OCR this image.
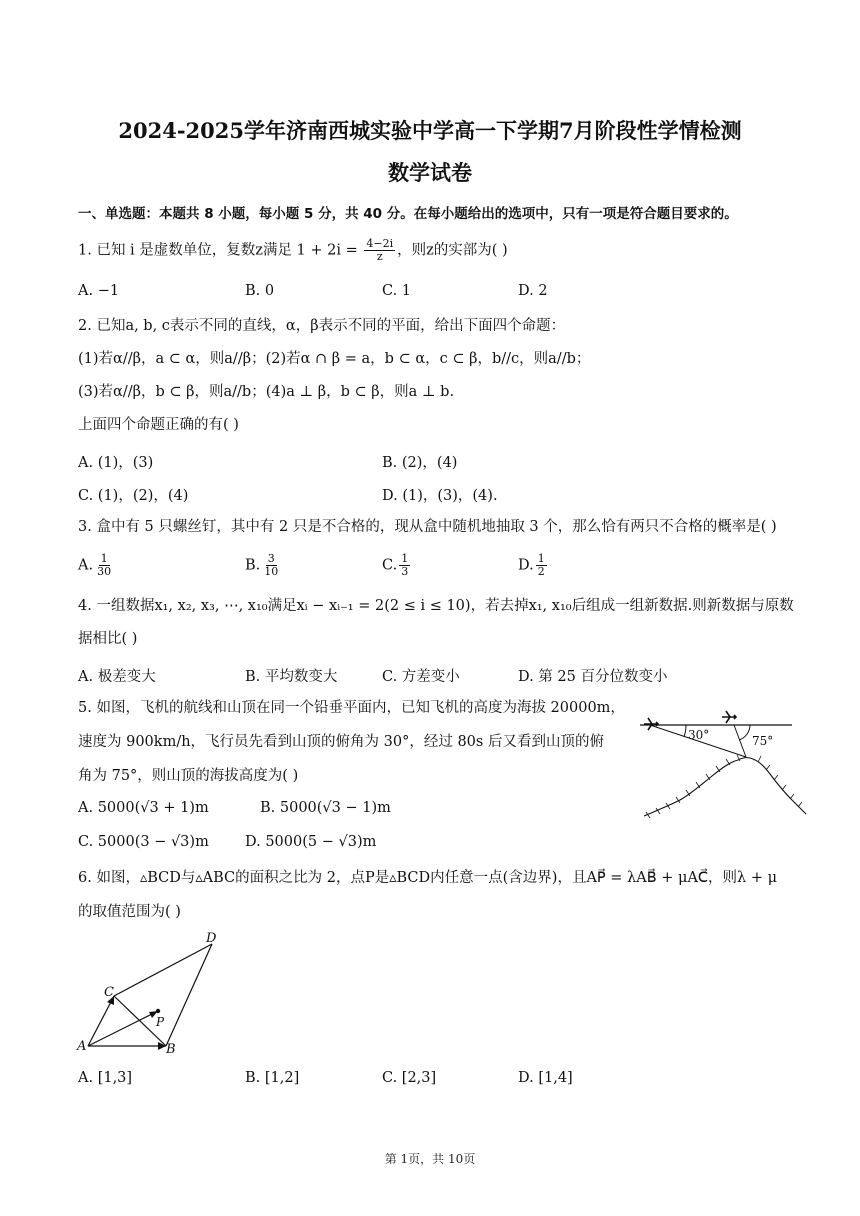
2024-2025学年济南西城实验中学高一下学期7月阶段性学情检测
数学试卷
一、单选题：本题共 8 小题，每小题 5 分，共 40 分。在每小题给出的选项中，只有一项是符合题目要求的。
1. 已知 i 是虚数单位，复数z满足 $1 + 2i = \frac{4-2i}{z}$ ，则z的实部为( )
A. −1	B. 0	C. 1	D. 2
2. 已知a, b, c表示不同的直线，α，β表示不同的平面，给出下面四个命题：
(1)若α//β，a ⊂ α，则a//β；(2)若α ∩ β = a，b ⊂ α，c ⊂ β，b//c，则a//b；
(3)若α//β，b ⊂ β，则a//b；(4)a ⊥ β，b ⊂ β，则a ⊥ b.
上面四个命题正确的有( )
A. (1)，(3)	B. (2)，(4)
C. (1)，(2)，(4)	D. (1)，(3)，(4).
3. 盒中有 5 只螺丝钉，其中有 2 只是不合格的，现从盒中随机地抽取 3 个，那么恰有两只不合格的概率是( )
A. $\frac{1}{30}$	B. $\frac{3}{10}$	C. $\frac{1}{3}$	D. $\frac{1}{2}$
4. 一组数据x₁, x₂, x₃, ⋯, x₁₀满足xᵢ − xᵢ₋₁ = 2(2 ≤ i ≤ 10)，若去掉x₁, x₁₀后组成一组新数据.则新数据与原数
据相比( )
A. 极差变大	B. 平均数变大	C. 方差变小	D. 第 25 百分位数变小
5. 如图，飞机的航线和山顶在同一个铅垂平面内，已知飞机的高度为海拔 20000m，
速度为 900km/h，飞行员先看到山顶的俯角为 30°，经过 80s 后又看到山顶的俯
角为 75°，则山顶的海拔高度为( )
A. 5000(√3 + 1)m	B. 5000(√3 − 1)m
C. 5000(3 − √3)m D. 5000(5 − √3)m
30°	75°
6. 如图，▵BCD与▵ABC的面积之比为 2，点P是▵BCD内任意一点(含边界)，且AP⃗ = λAB⃗ + μAC⃗，则λ + μ
的取值范围为( )
A	B
C
D
P
A. [1,3]	B. [1,2]	C. [2,3]	D. [1,4]
第 1页，共 10页
